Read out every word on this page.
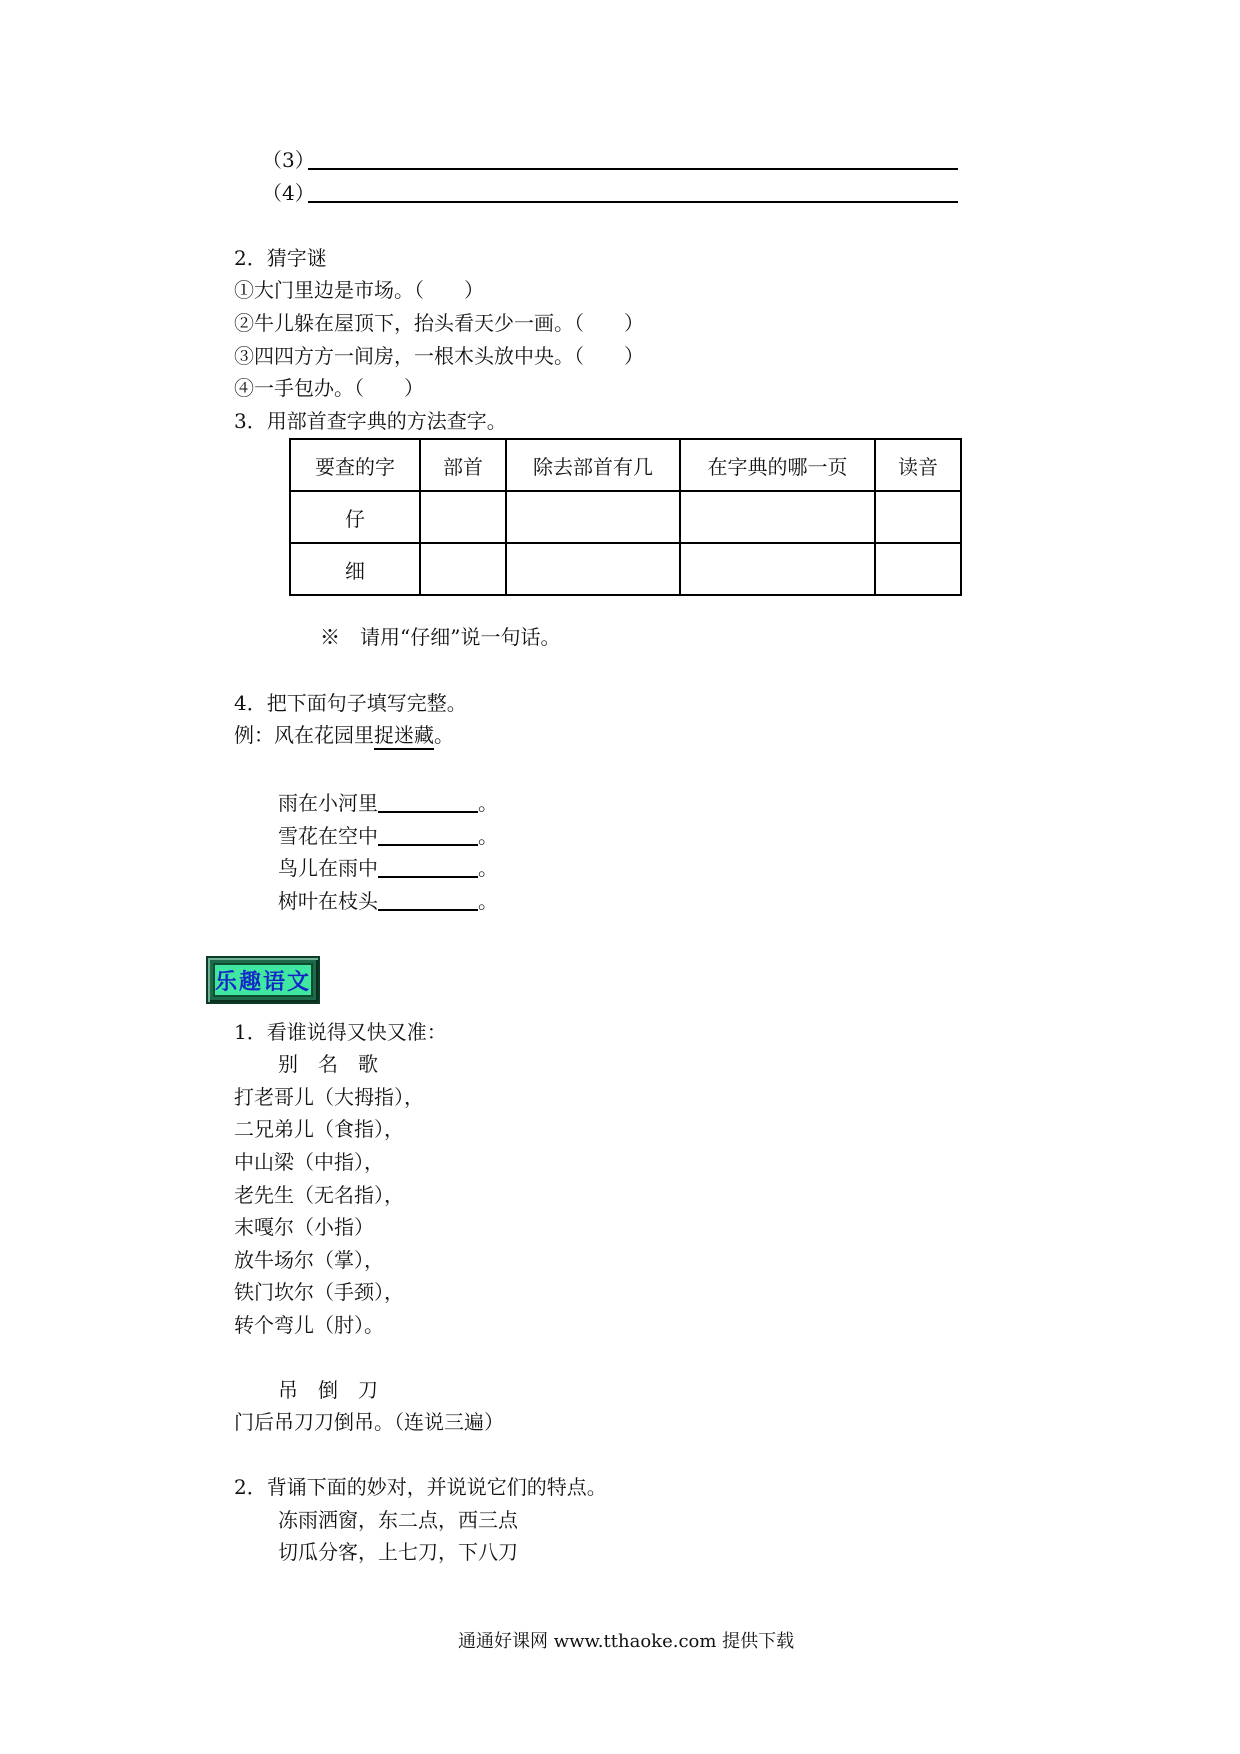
（3）
（4）
2．猜字谜
①大门里边是市场。（　　）
②牛儿躲在屋顶下，抬头看天少一画。（　　）
③四四方方一间房，一根木头放中央。（　　）
④一手包办。（　　）
3．用部首查字典的方法查字。
要查的字	部首	除去部首有几	在字典的哪一页	读音
仔				
细				
※　请用“仔细”说一句话。
4．把下面句子填写完整。
例：风在花园里捉迷藏。
雨在小河里	。
雪花在空中	。
鸟儿在雨中	。
树叶在枝头	。
乐趣语文
1．看谁说得又快又准：
别　名　歌
打老哥儿（大拇指），
二兄弟儿（食指），
中山梁（中指），
老先生（无名指），
末嘎尔（小指）
放牛场尔（掌），
铁门坎尔（手颈），
转个弯儿（肘）。
吊　倒　刀
门后吊刀刀倒吊。（连说三遍）
2．背诵下面的妙对，并说说它们的特点。
冻雨洒窗，东二点，西三点
切瓜分客，上七刀，下八刀
通通好课网 www.tthaoke.com 提供下载
